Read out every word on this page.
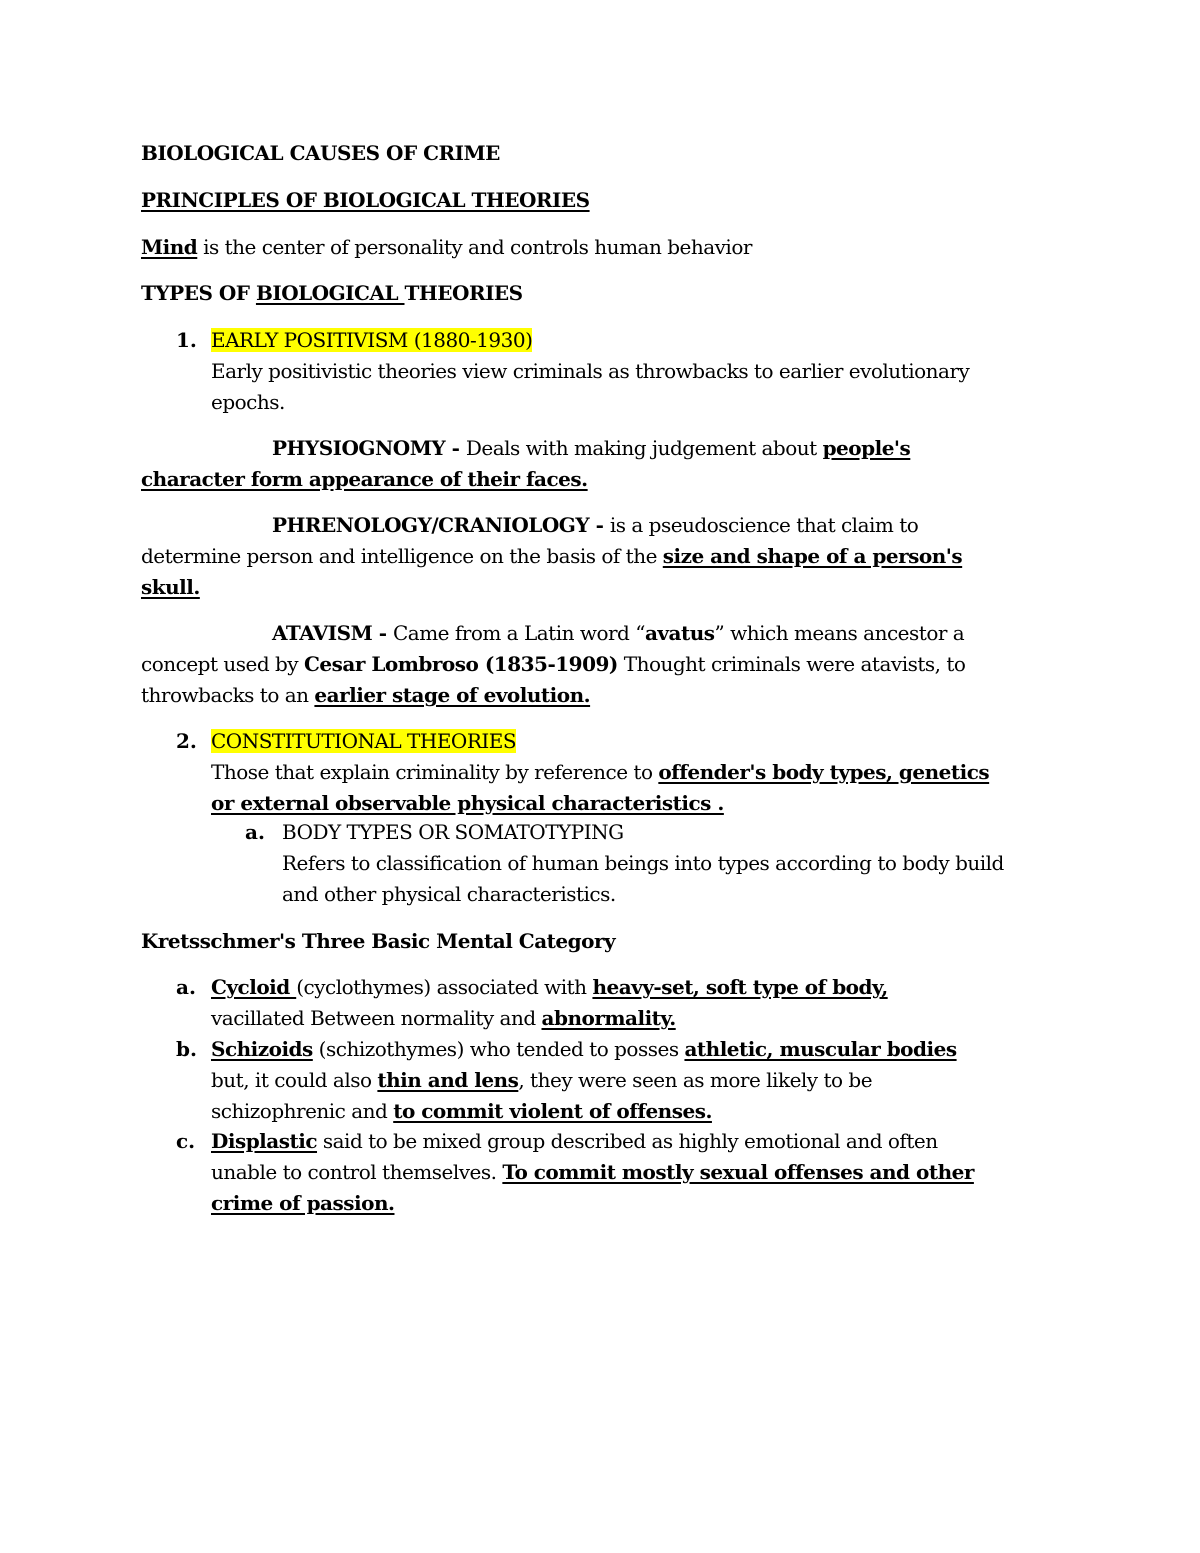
BIOLOGICAL CAUSES OF CRIME
PRINCIPLES OF BIOLOGICAL THEORIES
Mind is the center of personality and controls human behavior
TYPES OF BIOLOGICAL THEORIES
1. EARLY POSITIVISM (1880-1930)
Early positivistic theories view criminals as throwbacks to earlier evolutionary
epochs.
PHYSIOGNOMY - Deals with making judgement about people's
character form appearance of their faces.
PHRENOLOGY/CRANIOLOGY - is a pseudoscience that claim to
determine person and intelligence on the basis of the size and shape of a person's
skull.
ATAVISM - Came from a Latin word “avatus” which means ancestor a
concept used by Cesar Lombroso (1835-1909) Thought criminals were atavists, to
throwbacks to an earlier stage of evolution.
2. CONSTITUTIONAL THEORIES
Those that explain criminality by reference to offender's body types, genetics
or external observable physical characteristics .
a. BODY TYPES OR SOMATOTYPING
Refers to classification of human beings into types according to body build
and other physical characteristics.
Kretsschmer's Three Basic Mental Category
a. Cycloid (cyclothymes) associated with heavy-set, soft type of body,
vacillated Between normality and abnormality.
b. Schizoids (schizothymes) who tended to posses athletic, muscular bodies
but, it could also thin and lens, they were seen as more likely to be
schizophrenic and to commit violent of offenses.
c. Displastic said to be mixed group described as highly emotional and often
unable to control themselves. To commit mostly sexual offenses and other
crime of passion.
